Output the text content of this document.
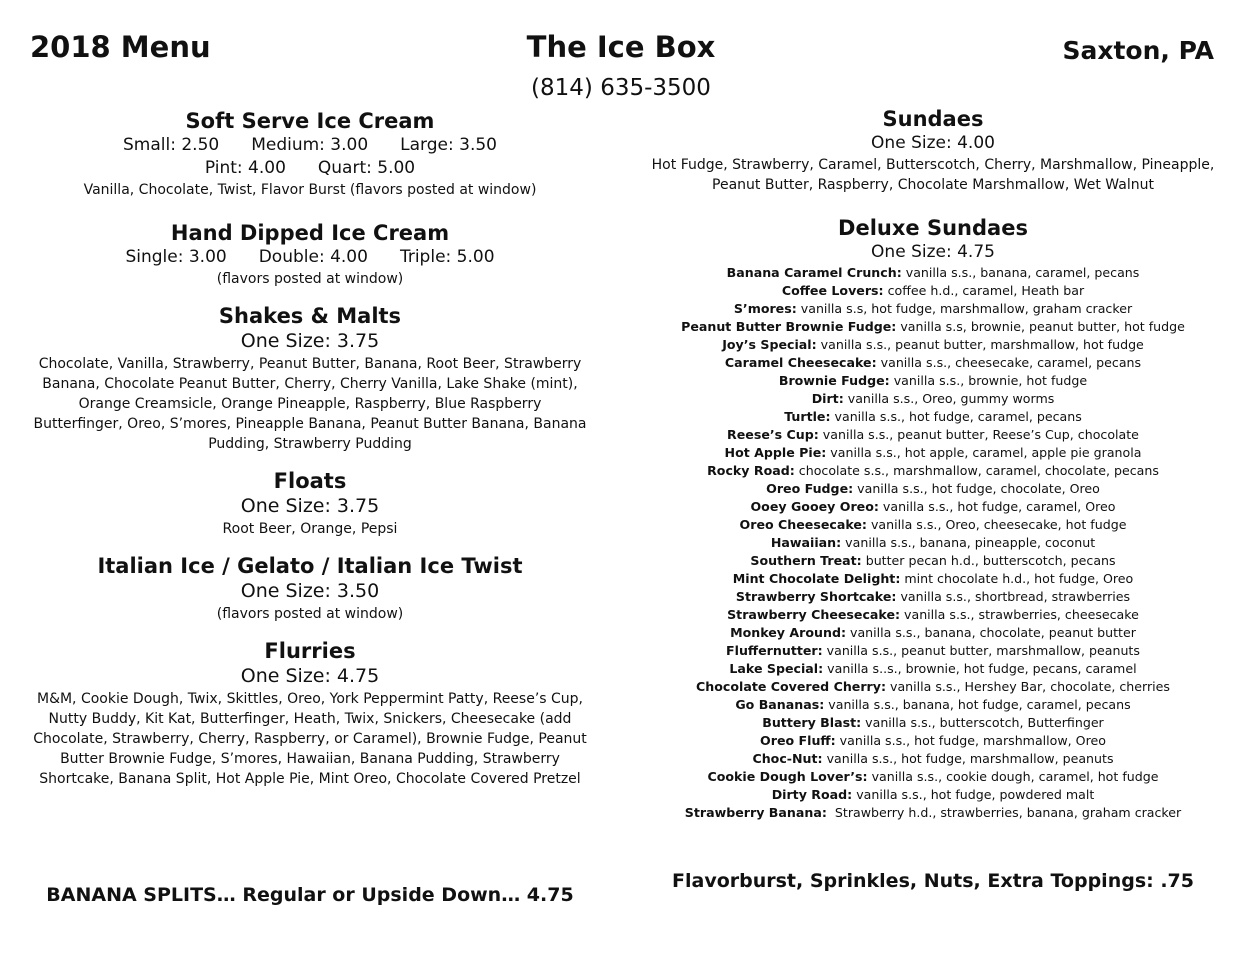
2018 Menu	The Ice Box	Saxton, PA
(814) 635-3500
Soft Serve Ice Cream
Small: 2.50 Medium: 3.00 Large: 3.50
Pint: 4.00 Quart: 5.00
Vanilla, Chocolate, Twist, Flavor Burst (flavors posted at window)
Hand Dipped Ice Cream
Single: 3.00 Double: 4.00 Triple: 5.00
(flavors posted at window)
Shakes & Malts
One Size: 3.75
Chocolate, Vanilla, Strawberry, Peanut Butter, Banana, Root Beer, Strawberry Banana, Chocolate Peanut Butter, Cherry, Cherry Vanilla, Lake Shake (mint), Orange Creamsicle, Orange Pineapple, Raspberry, Blue Raspberry
Butterfinger, Oreo, S’mores, Pineapple Banana, Peanut Butter Banana, Banana Pudding, Strawberry Pudding
Floats
One Size: 3.75
Root Beer, Orange, Pepsi
Italian Ice / Gelato / Italian Ice Twist
One Size: 3.50
(flavors posted at window)
Flurries
One Size: 4.75
M&M, Cookie Dough, Twix, Skittles, Oreo, York Peppermint Patty, Reese’s Cup, Nutty Buddy, Kit Kat, Butterfinger, Heath, Twix, Snickers, Cheesecake (add Chocolate, Strawberry, Cherry, Raspberry, or Caramel), Brownie Fudge, Peanut Butter Brownie Fudge, S’mores, Hawaiian, Banana Pudding, Strawberry Shortcake, Banana Split, Hot Apple Pie, Mint Oreo, Chocolate Covered Pretzel
BANANA SPLITS… Regular or Upside Down… 4.75
Sundaes
One Size: 4.00
Hot Fudge, Strawberry, Caramel, Butterscotch, Cherry, Marshmallow, Pineapple, Peanut Butter, Raspberry, Chocolate Marshmallow, Wet Walnut
Deluxe Sundaes
One Size: 4.75
Banana Caramel Crunch: vanilla s.s., banana, caramel, pecans
Coffee Lovers: coffee h.d., caramel, Heath bar
S’mores: vanilla s.s, hot fudge, marshmallow, graham cracker
Peanut Butter Brownie Fudge: vanilla s.s, brownie, peanut butter, hot fudge
Joy’s Special: vanilla s.s., peanut butter, marshmallow, hot fudge
Caramel Cheesecake: vanilla s.s., cheesecake, caramel, pecans
Brownie Fudge: vanilla s.s., brownie, hot fudge
Dirt: vanilla s.s., Oreo, gummy worms
Turtle: vanilla s.s., hot fudge, caramel, pecans
Reese’s Cup: vanilla s.s., peanut butter, Reese’s Cup, chocolate
Hot Apple Pie: vanilla s.s., hot apple, caramel, apple pie granola
Rocky Road: chocolate s.s., marshmallow, caramel, chocolate, pecans
Oreo Fudge: vanilla s.s., hot fudge, chocolate, Oreo
Ooey Gooey Oreo: vanilla s.s., hot fudge, caramel, Oreo
Oreo Cheesecake: vanilla s.s., Oreo, cheesecake, hot fudge
Hawaiian: vanilla s.s., banana, pineapple, coconut
Southern Treat: butter pecan h.d., butterscotch, pecans
Mint Chocolate Delight: mint chocolate h.d., hot fudge, Oreo
Strawberry Shortcake: vanilla s.s., shortbread, strawberries
Strawberry Cheesecake: vanilla s.s., strawberries, cheesecake
Monkey Around: vanilla s.s., banana, chocolate, peanut butter
Fluffernutter: vanilla s.s., peanut butter, marshmallow, peanuts
Lake Special: vanilla s..s., brownie, hot fudge, pecans, caramel
Chocolate Covered Cherry: vanilla s.s., Hershey Bar, chocolate, cherries
Go Bananas: vanilla s.s., banana, hot fudge, caramel, pecans
Buttery Blast: vanilla s.s., butterscotch, Butterfinger
Oreo Fluff: vanilla s.s., hot fudge, marshmallow, Oreo
Choc-Nut: vanilla s.s., hot fudge, marshmallow, peanuts
Cookie Dough Lover’s: vanilla s.s., cookie dough, caramel, hot fudge
Dirty Road: vanilla s.s., hot fudge, powdered malt
Strawberry Banana:  Strawberry h.d., strawberries, banana, graham cracker
Flavorburst, Sprinkles, Nuts, Extra Toppings: .75
